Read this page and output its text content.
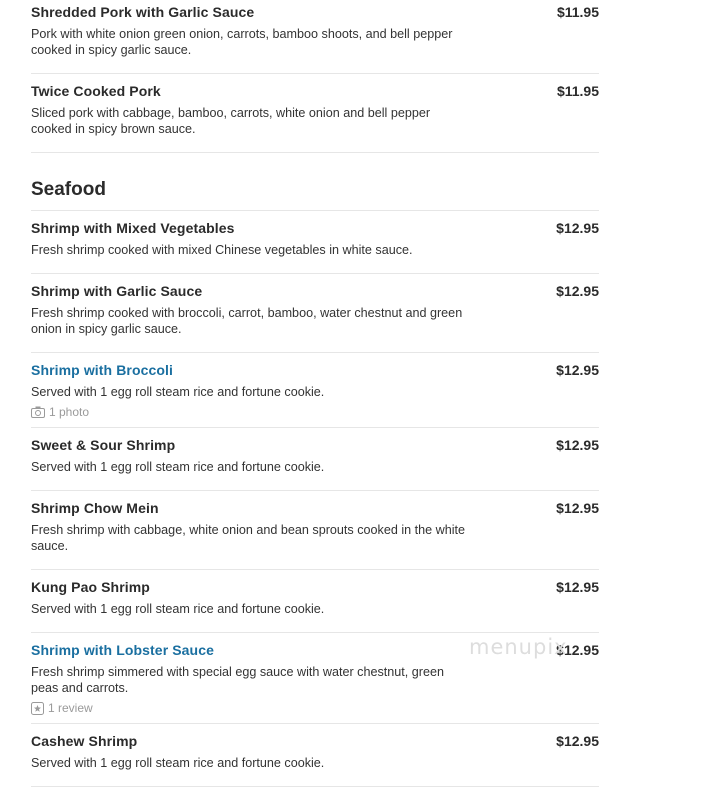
Shredded Pork with Garlic Sauce	$11.95
Pork with white onion green onion, carrots, bamboo shoots, and bell pepper cooked in spicy garlic sauce.
Twice Cooked Pork	$11.95
Sliced pork with cabbage, bamboo, carrots, white onion and bell pepper cooked in spicy brown sauce.
Seafood
Shrimp with Mixed Vegetables	$12.95
Fresh shrimp cooked with mixed Chinese vegetables in white sauce.
Shrimp with Garlic Sauce	$12.95
Fresh shrimp cooked with broccoli, carrot, bamboo, water chestnut and green onion in spicy garlic sauce.
Shrimp with Broccoli	$12.95
Served with 1 egg roll steam rice and fortune cookie.
1 photo
Sweet & Sour Shrimp	$12.95
Served with 1 egg roll steam rice and fortune cookie.
Shrimp Chow Mein	$12.95
Fresh shrimp with cabbage, white onion and bean sprouts cooked in the white sauce.
Kung Pao Shrimp	$12.95
Served with 1 egg roll steam rice and fortune cookie.
Shrimp with Lobster Sauce	$12.95
Fresh shrimp simmered with special egg sauce with water chestnut, green peas and carrots.
1 review
Cashew Shrimp	$12.95
Served with 1 egg roll steam rice and fortune cookie.
menupix
